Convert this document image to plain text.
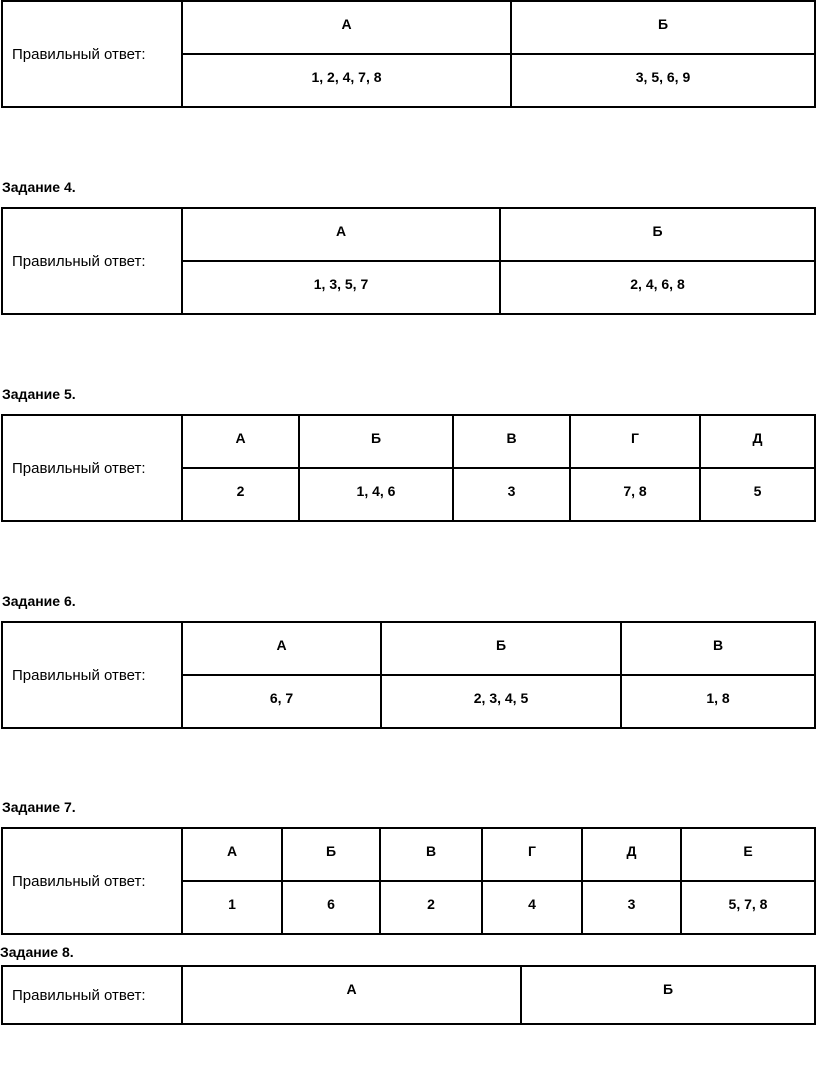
Правильный ответ:	А	Б
	1, 2, 4, 7, 8	3, 5, 6, 9

Задание 4.

Правильный ответ:	А	Б
	1, 3, 5, 7	2, 4, 6, 8

Задание 5.

Правильный ответ:	А	Б	В	Г	Д
	2	1, 4, 6	3	7, 8	5

Задание 6.

Правильный ответ:	А	Б	В
	6, 7	2, 3, 4, 5	1, 8

Задание 7.

Правильный ответ:	А	Б	В	Г	Д	Е
	1	6	2	4	3	5, 7, 8

Задание 8.

Правильный ответ:	А	Б
